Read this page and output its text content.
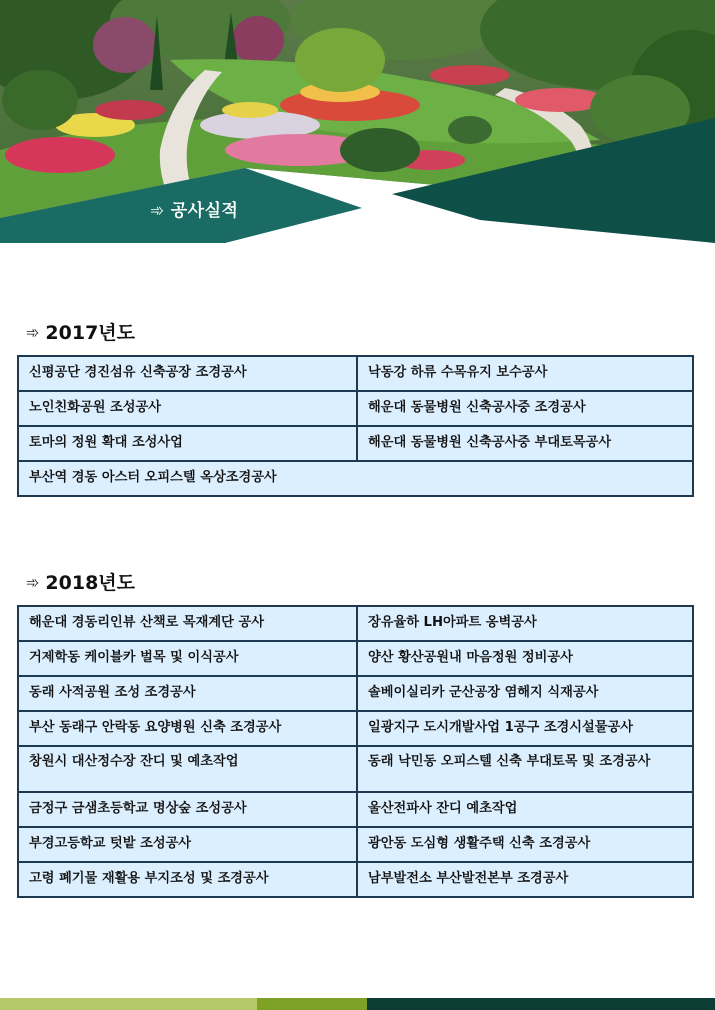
➾ 공사실적
➾ 2017년도
신평공단 경진섬유 신축공장 조경공사	낙동강 하류 수목유지 보수공사
노인친화공원 조성공사	해운대 동물병원 신축공사중 조경공사
토마의 정원 확대 조성사업	해운대 동물병원 신축공사중 부대토목공사
부산역 경동 아스터 오피스텔 옥상조경공사	
➾ 2018년도
해운대 경동리인뷰 산책로 목재계단 공사	장유율하 LH아파트 옹벽공사
거제학동 케이블카 벌목 및 이식공사	양산 황산공원내 마음정원 정비공사
동래 사적공원 조성 조경공사	솔베이실리카 군산공장 염해지 식재공사
부산 동래구 안락동 요양병원 신축 조경공사	일광지구 도시개발사업 1공구 조경시설물공사
창원시 대산정수장 잔디 및 예초작업	동래 낙민동 오피스텔 신축 부대토목 및 조경공사
금정구 금샘초등학교 명상숲 조성공사	울산전파사 잔디 예초작업
부경고등학교 텃밭 조성공사	광안동 도심형 생활주택 신축 조경공사
고령 폐기물 재활용 부지조성 및 조경공사	남부발전소 부산발전본부 조경공사
